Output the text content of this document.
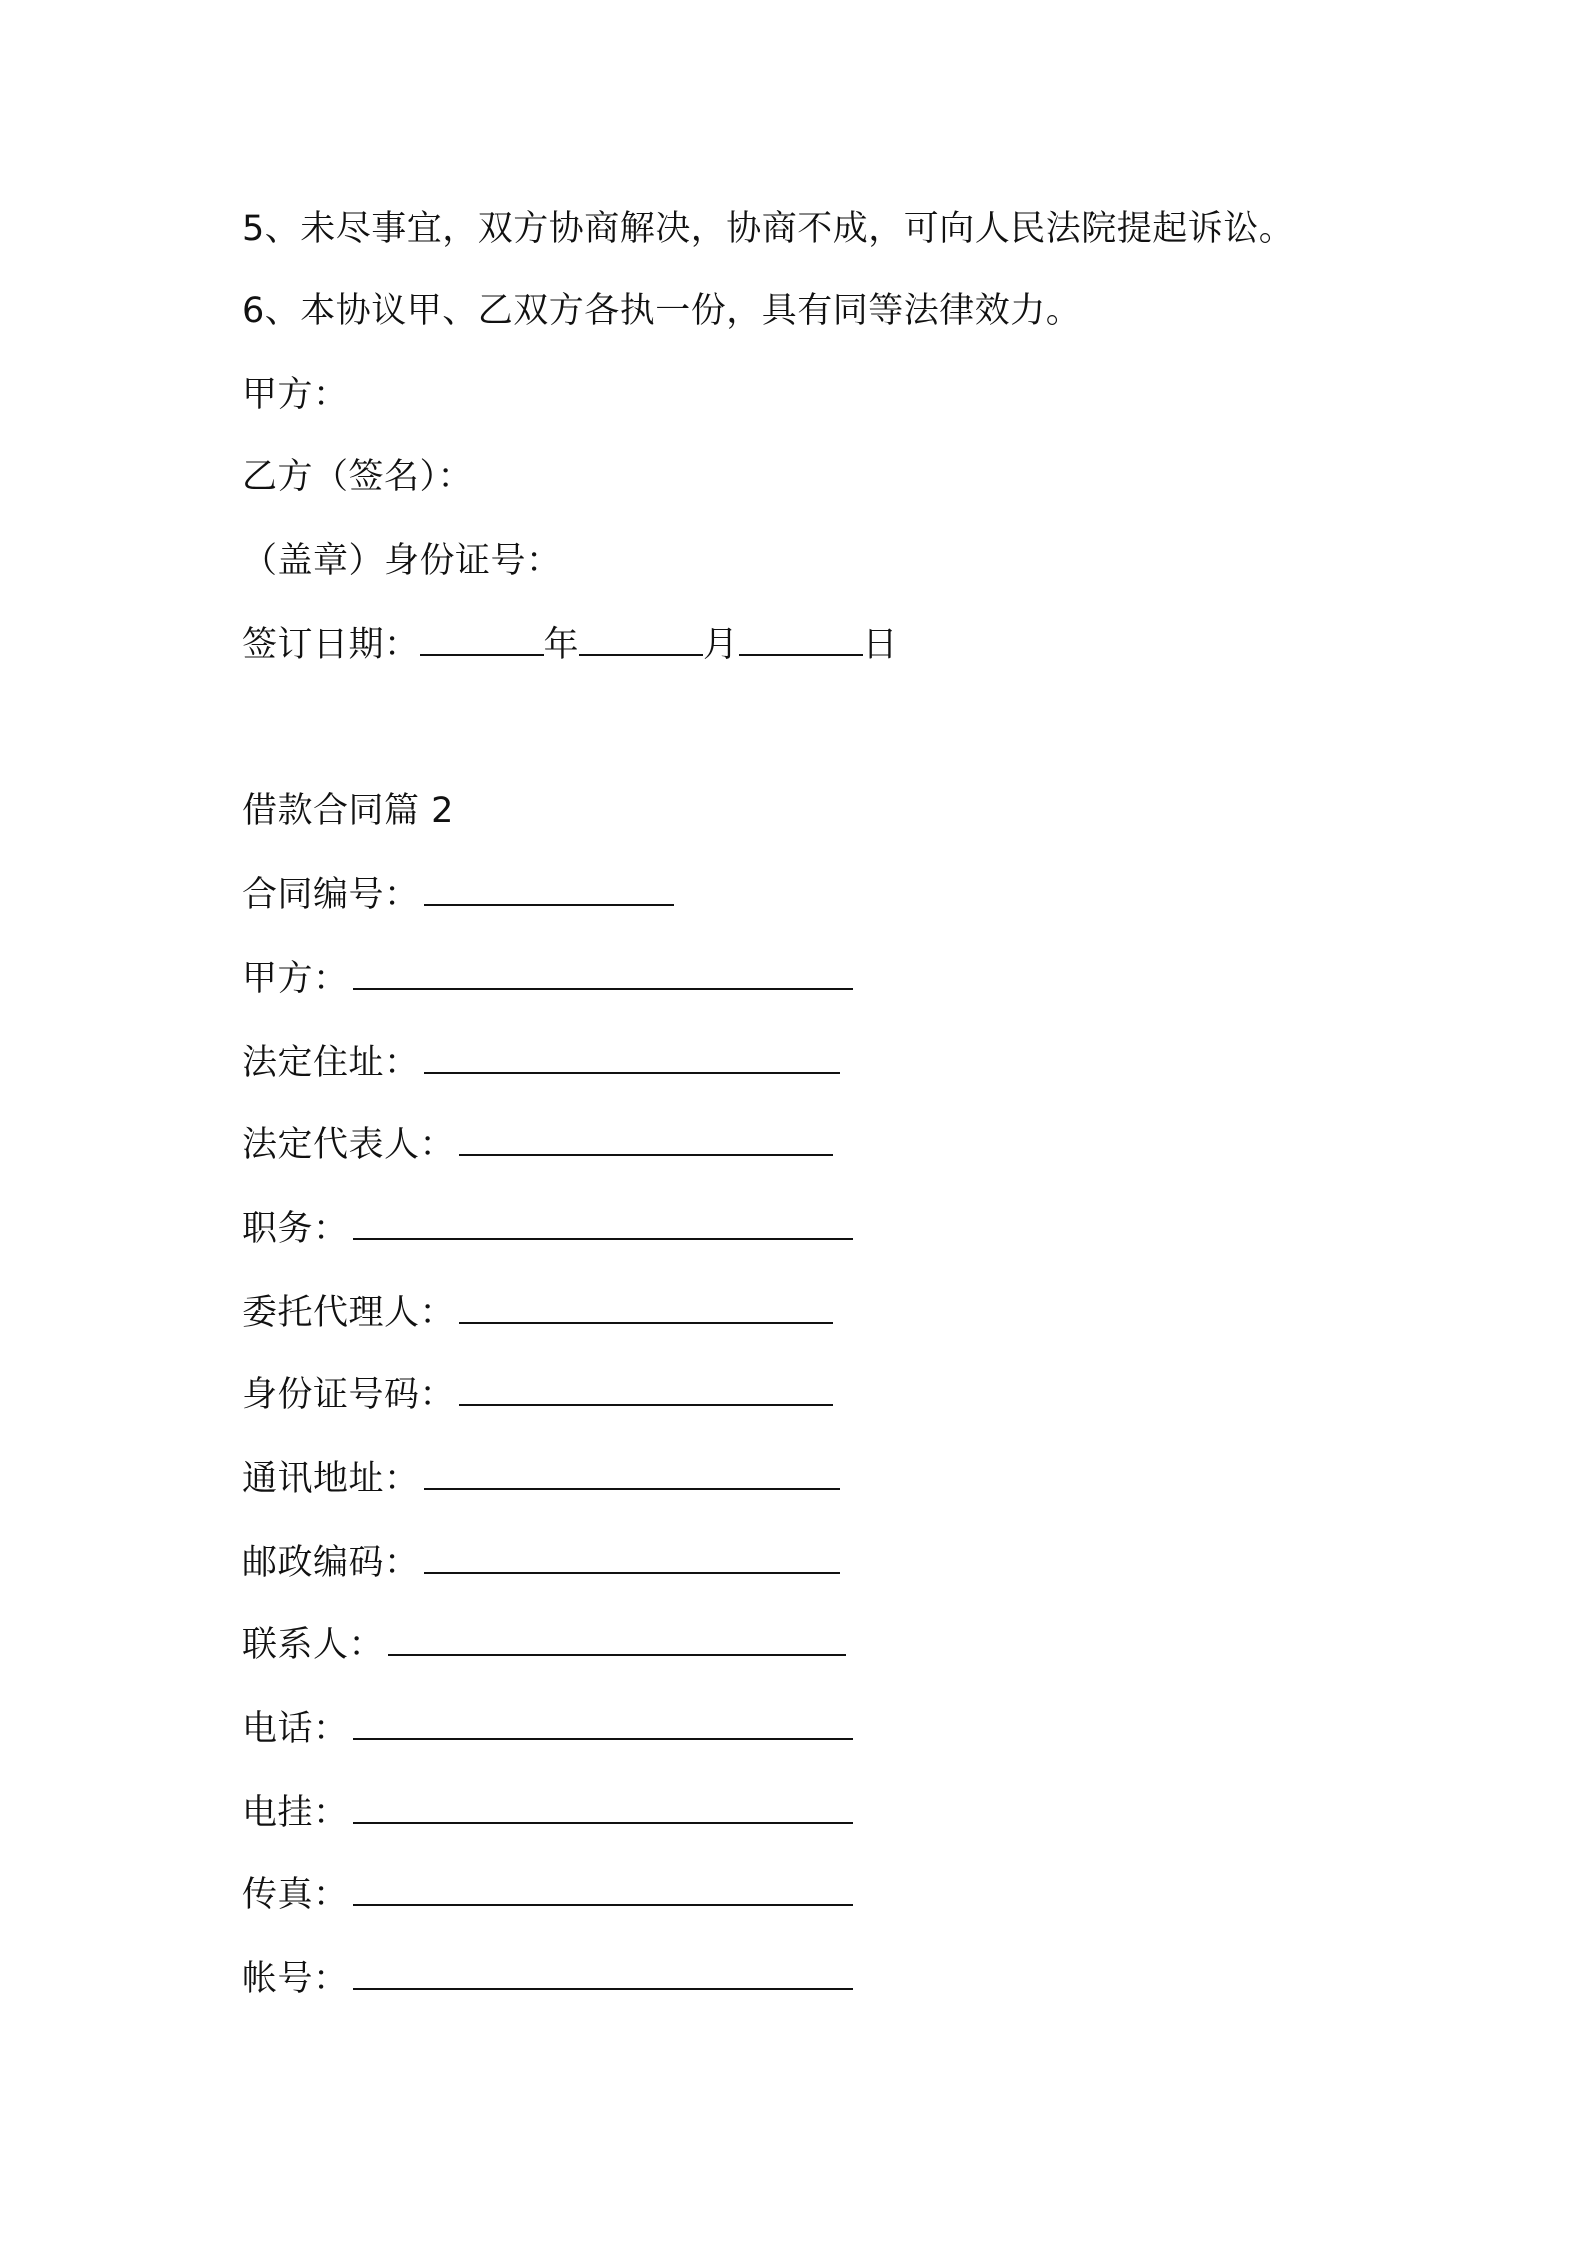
5、未尽事宜，双方协商解决，协商不成，可向人民法院提起诉讼。
6、本协议甲、乙双方各执一份，具有同等法律效力。
甲方：
乙方（签名）：
（盖章）身份证号：
签订日期：	年	月	日
借款合同篇 2
合同编号：
甲方：
法定住址：
法定代表人：
职务：
委托代理人：
身份证号码：
通讯地址：
邮政编码：
联系人：
电话：
电挂：
传真：
帐号：
